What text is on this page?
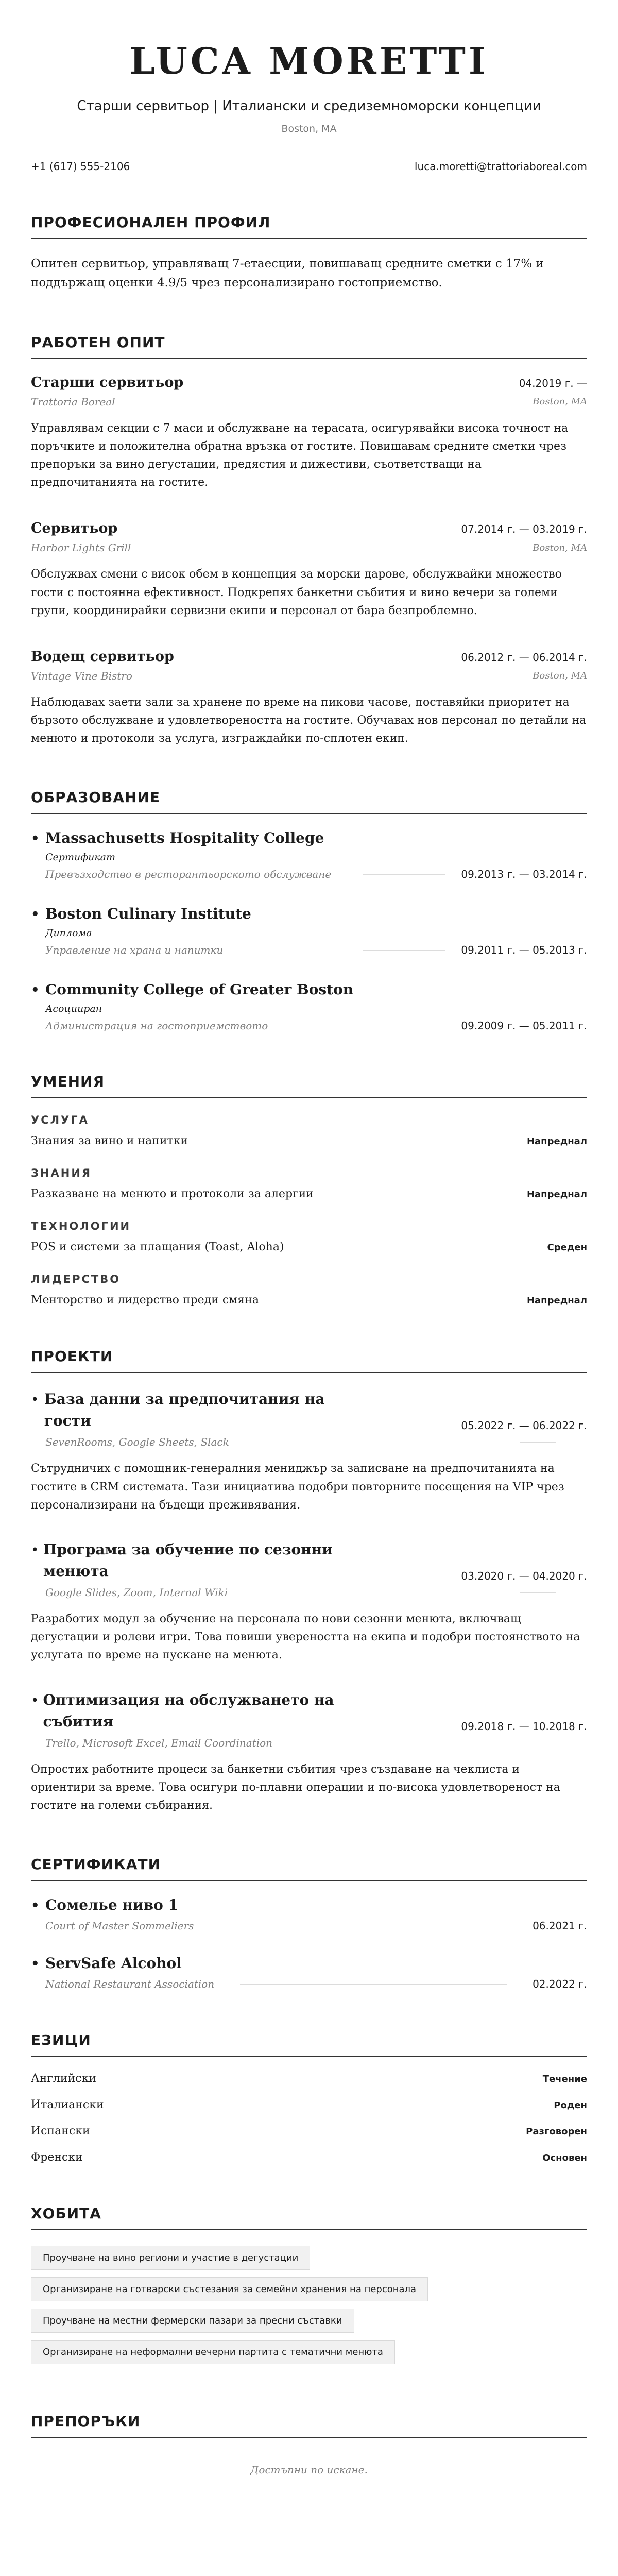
LUCA MORETTI
Старши сервитьор | Италиански и средиземноморски концепции
Boston, MA
+1 (617) 555-2106	luca.moretti@trattoriaboreal.com
ПРОФЕСИОНАЛЕН ПРОФИЛ

Опитен сервитьор, управляващ 7-етаесции, повишаващ средните сметки с 17% и поддържащ оценки 4.9/5 чрез персонализирано гостоприемство.

РАБОТЕН ОПИТ
Старши сервитьор	04.2019 г. —
Trattoria Boreal	Boston, MA

Управлявам секции с 7 маси и обслужване на терасата, осигурявайки висока точност на поръчките и положителна обратна връзка от гостите. Повишавам средните сметки чрез препоръки за вино дегустации, предястия и дижестиви, съответстващи на предпочитанията на гостите.

Сервитьор	07.2014 г. — 03.2019 г.
Harbor Lights Grill	Boston, MA

Обслужвах смени с висок обем в концепция за морски дарове, обслужвайки множество гости с постоянна ефективност. Подкрепях банкетни събития и вино вечери за големи групи, координирайки сервизни екипи и персонал от бара безпроблемно.

Водещ сервитьор	06.2012 г. — 06.2014 г.
Vintage Vine Bistro	Boston, MA

Наблюдавах заети зали за хранене по време на пикови часове, поставяйки приоритет на бързото обслужване и удовлетвореността на гостите. Обучавах нов персонал по детайли на менюто и протоколи за услуга, изграждайки по-сплотен екип.

ОБРАЗОВАНИЕ
• Massachusetts Hospitality College
Сертификат
Превъзходство в ресторантьорското обслужване	09.2013 г. — 03.2014 г.
• Boston Culinary Institute
Диплома
Управление на храна и напитки	09.2011 г. — 05.2013 г.
• Community College of Greater Boston
Асоцииран
Администрация на гостоприемството	09.2009 г. — 05.2011 г.
УМЕНИЯ
УСЛУГА
Знания за вино и напитки	Напреднал
ЗНАНИЯ
Разказване на менюто и протоколи за алергии	Напреднал
ТЕХНОЛОГИИ
POS и системи за плащания (Toast, Aloha)	Среден
ЛИДЕРСТВО
Менторство и лидерство преди смяна	Напреднал
ПРОЕКТИ
• База данни за предпочитания на гости	05.2022 г. — 06.2022 г.
SevenRooms, Google Sheets, Slack

Сътрудничих с помощник-генералния мениджър за записване на предпочитанията на гостите в CRM системата. Тази инициатива подобри повторните посещения на VIP чрез персонализирани на бъдещи преживявания.

• Програма за обучение по сезонни менюта	03.2020 г. — 04.2020 г.
Google Slides, Zoom, Internal Wiki

Разработих модул за обучение на персонала по нови сезонни менюта, включващ дегустации и ролеви игри. Това повиши увереността на екипа и подобри постоянството на услугата по време на пускане на менюта.

• Оптимизация на обслужването на събития	09.2018 г. — 10.2018 г.
Trello, Microsoft Excel, Email Coordination

Опростих работните процеси за банкетни събития чрез създаване на чеклиста и ориентири за време. Това осигури по-плавни операции и по-висока удовлетвореност на гостите на големи събирания.

СЕРТИФИКАТИ
• Сомелье ниво 1
Court of Master Sommeliers	06.2021 г.
• ServSafe Alcohol
National Restaurant Association	02.2022 г.
ЕЗИЦИ
Английски	Течение
Италиански	Роден
Испански	Разговорен
Френски	Основен
ХОБИТА
Проучване на вино региони и участие в дегустации
Организиране на готварски състезания за семейни хранения на персонала
Проучване на местни фермерски пазари за пресни съставки
Организиране на неформални вечерни партита с тематични менюта
ПРЕПОРЪКИ
Достъпни по искане.
